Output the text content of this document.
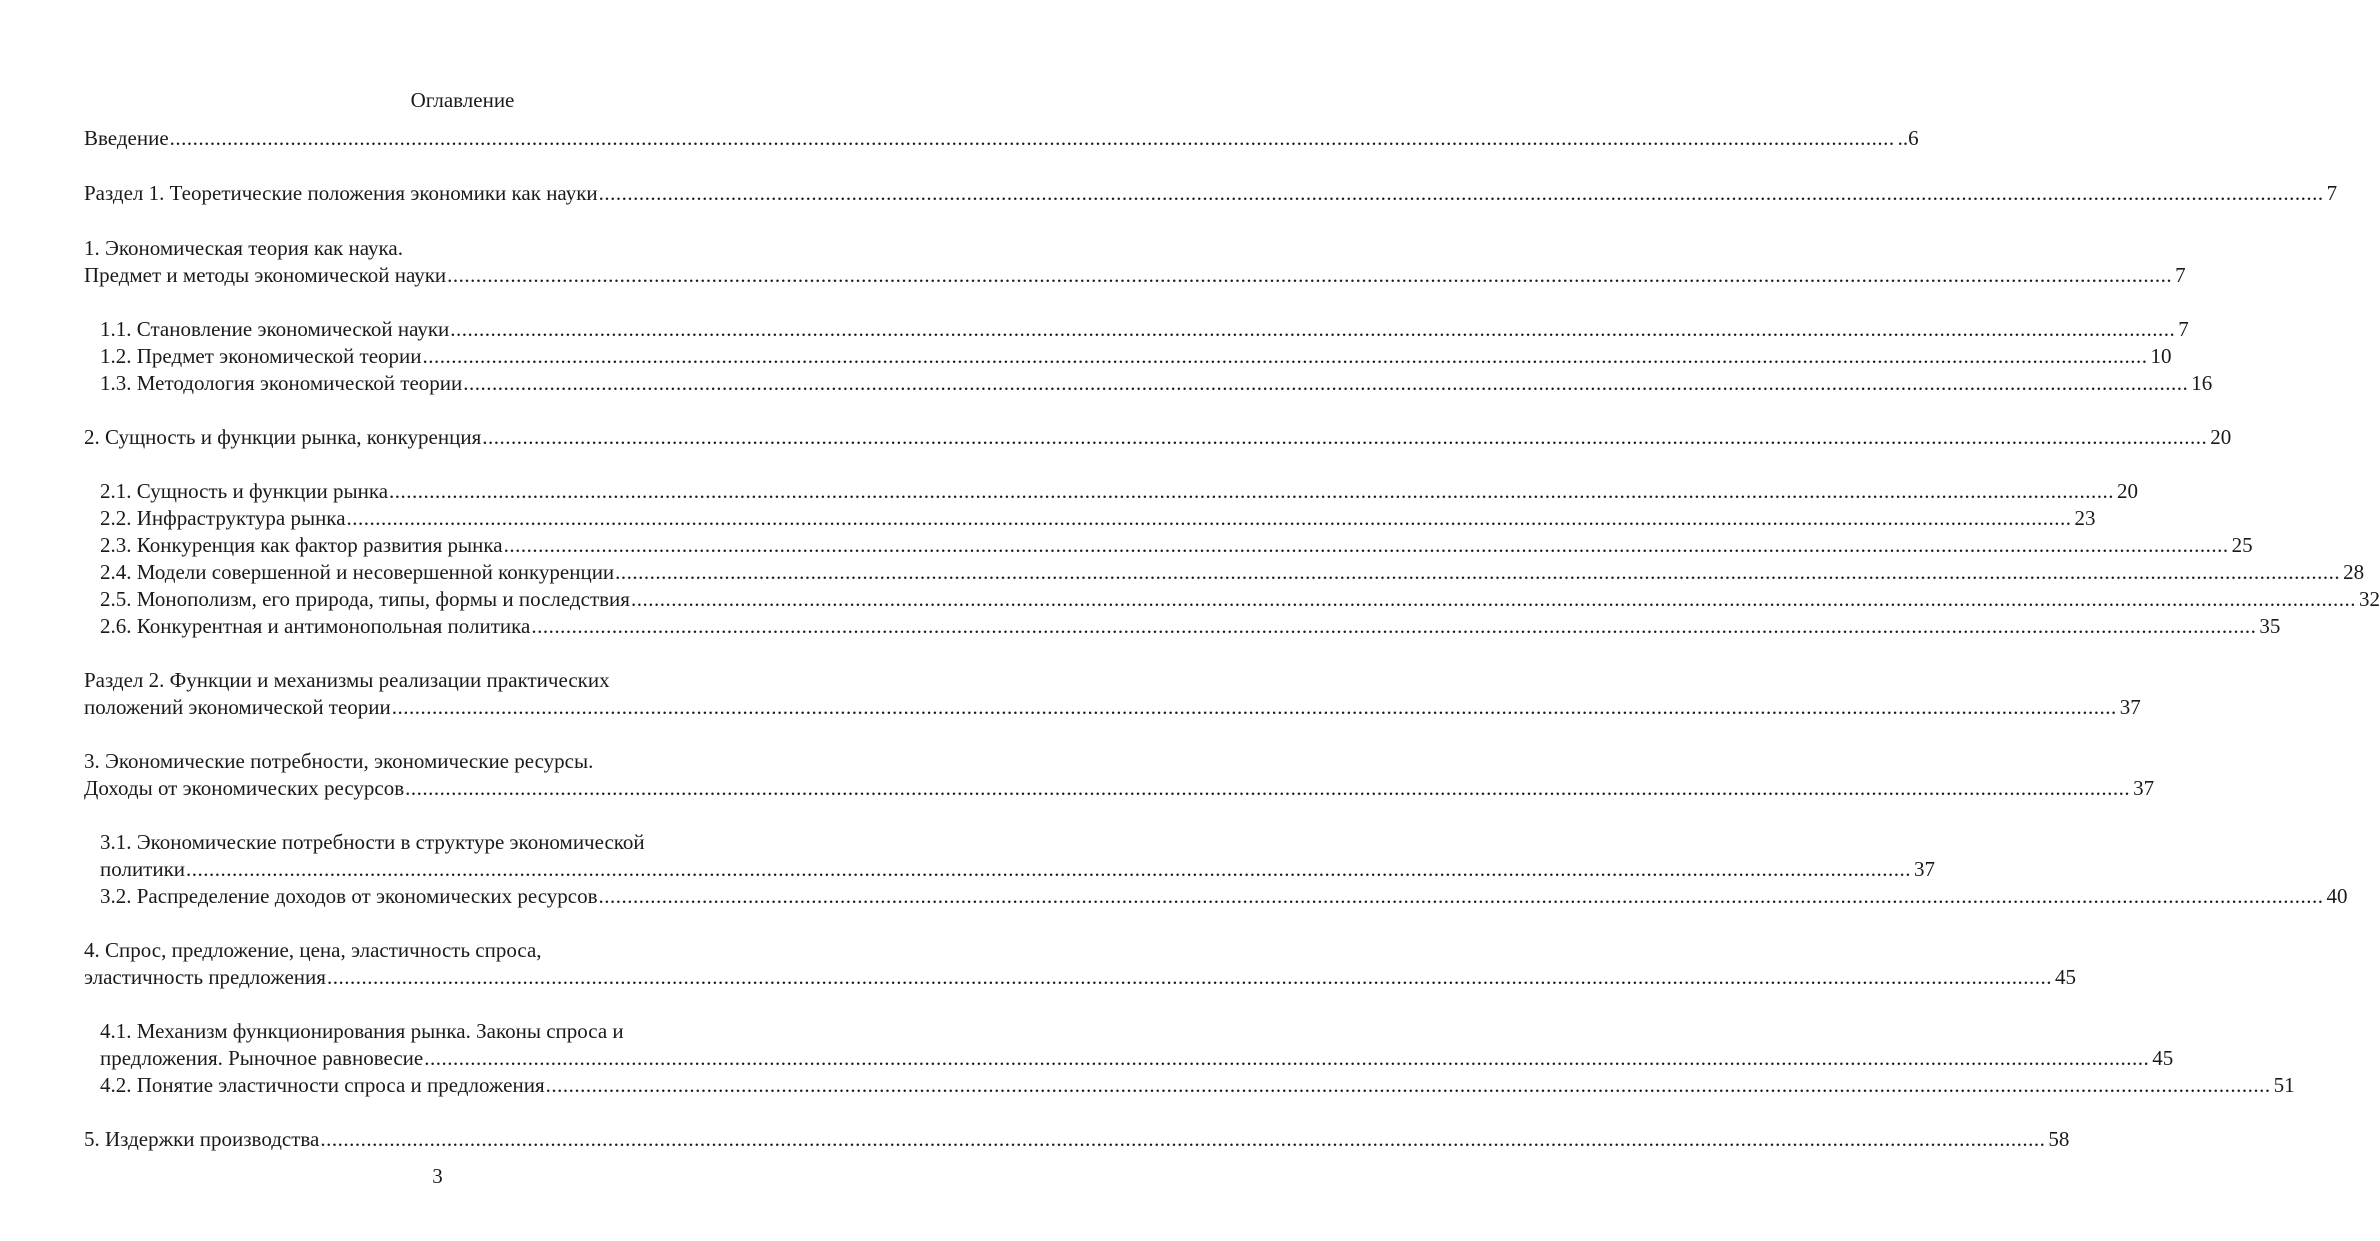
Оглавление
Введение ............................................................................................................................................................................................................................................................................................................ ..6
Раздел 1. Теоретические положения экономики как науки ............................................................................................................................................................................................................................................................................................................ 7
1. Экономическая теория как наука.
Предмет и методы экономической науки ............................................................................................................................................................................................................................................................................................................ 7
1.1. Становление экономической науки ............................................................................................................................................................................................................................................................................................................ 7
1.2. Предмет экономической теории ............................................................................................................................................................................................................................................................................................................ 10
1.3. Методология экономической теории ............................................................................................................................................................................................................................................................................................................ 16
2. Сущность и функции рынка, конкуренция ............................................................................................................................................................................................................................................................................................................ 20
2.1. Сущность и функции рынка ............................................................................................................................................................................................................................................................................................................ 20
2.2. Инфраструктура рынка ............................................................................................................................................................................................................................................................................................................ 23
2.3. Конкуренция как фактор развития рынка ............................................................................................................................................................................................................................................................................................................ 25
2.4. Модели совершенной и несовершенной конкуренции ............................................................................................................................................................................................................................................................................................................ 28
2.5. Монополизм, его природа, типы, формы и последствия ............................................................................................................................................................................................................................................................................................................ 32
2.6. Конкурентная и антимонопольная политика ............................................................................................................................................................................................................................................................................................................ 35
Раздел 2. Функции и механизмы реализации практических
положений экономической теории ............................................................................................................................................................................................................................................................................................................ 37
3. Экономические потребности, экономические ресурсы.
Доходы от экономических ресурсов ............................................................................................................................................................................................................................................................................................................ 37
3.1. Экономические потребности в структуре экономической
политики ............................................................................................................................................................................................................................................................................................................ 37
3.2. Распределение доходов от экономических ресурсов ............................................................................................................................................................................................................................................................................................................ 40
4. Спрос, предложение, цена, эластичность спроса,
эластичность предложения ............................................................................................................................................................................................................................................................................................................ 45
4.1. Механизм функционирования рынка. Законы спроса и
предложения. Рыночное равновесие ............................................................................................................................................................................................................................................................................................................ 45
4.2. Понятие эластичности спроса и предложения ............................................................................................................................................................................................................................................................................................................ 51
5. Издержки производства ............................................................................................................................................................................................................................................................................................................ 58
3
